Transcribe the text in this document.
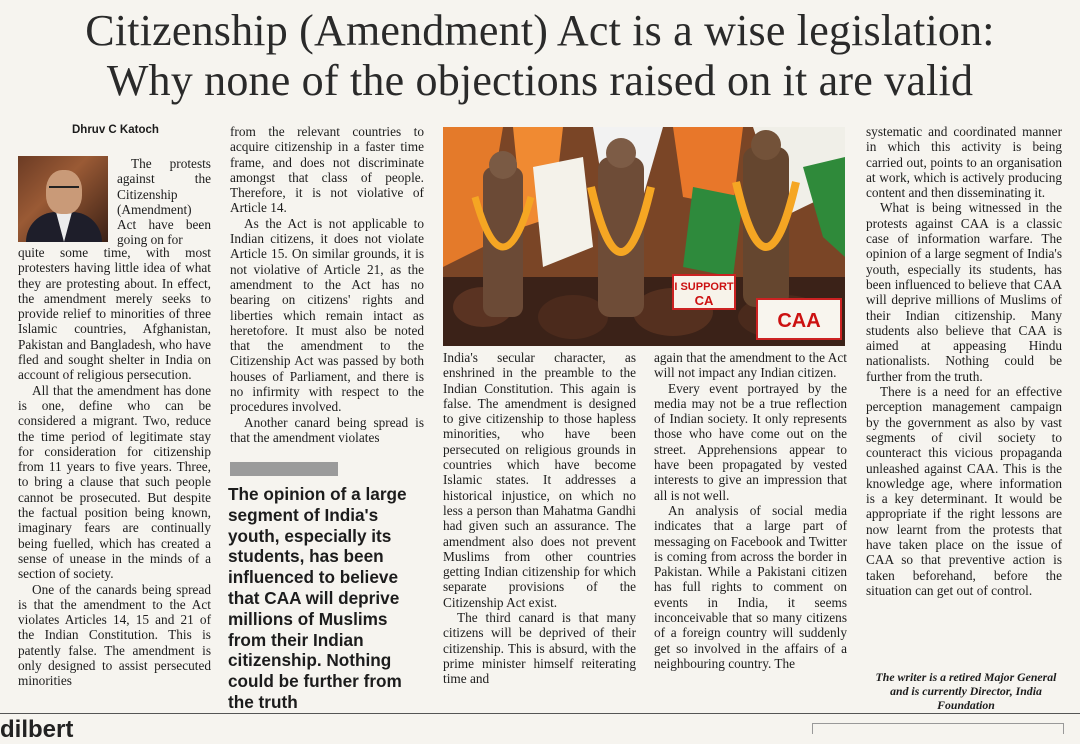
Citizenship (Amendment) Act is a wise legislation:
Why none of the objections raised on it are valid
Dhruv C Katoch

The protests against the Citizenship (Amendment) Act have been going on for

quite some time, with most protesters having little idea of what they are protesting about. In effect, the amendment merely seeks to provide relief to minorities of three Islamic countries, Afghanistan, Pakistan and Bangladesh, who have fled and sought shelter in India on account of religious persecution.

All that the amendment has done is one, define who can be considered a migrant. Two, reduce the time period of legitimate stay for consideration for citizenship from 11 years to five years. Three, to bring a clause that such people cannot be prosecuted. But despite the factual position being known, imaginary fears are continually being fuelled, which has created a sense of unease in the minds of a section of society.

One of the canards being spread is that the amendment to the Act violates Articles 14, 15 and 21 of the Indian Constitution. This is patently false. The amendment is only designed to assist persecuted minorities

from the relevant countries to acquire citizenship in a faster time frame, and does not discriminate amongst that class of people. Therefore, it is not violative of Article 14.

As the Act is not applicable to Indian citizens, it does not violate Article 15. On similar grounds, it is not violative of Article 21, as the amendment to the Act has no bearing on citizens' rights and liberties which remain intact as heretofore. It must also be noted that the amendment to the Citizenship Act was passed by both houses of Parliament, and there is no infirmity with respect to the procedures involved.

Another canard being spread is that the amendment violates

The opinion of a large segment of India's youth, especially its students, has been influenced to believe that CAA will deprive millions of Muslims from their Indian citizenship. Nothing could be further from the truth
I SUPPORT
CA
CAA

India's secular character, as enshrined in the preamble to the Indian Constitution. This again is false. The amendment is designed to give citizenship to those hapless minorities, who have been persecuted on religious grounds in countries which have become Islamic states. It addresses a historical injustice, on which no less a person than Mahatma Gandhi had given such an assurance. The amendment also does not prevent Muslims from other countries getting Indian citizenship for which separate provisions of the Citizenship Act exist.

The third canard is that many citizens will be deprived of their citizenship. This is absurd, with the prime minister himself reiterating time and

again that the amendment to the Act will not impact any Indian citizen.

Every event portrayed by the media may not be a true reflection of Indian society. It only represents those who have come out on the street. Apprehensions appear to have been propagated by vested interests to give an impression that all is not well.

An analysis of social media indicates that a large part of messaging on Facebook and Twitter is coming from across the border in Pakistan. While a Pakistani citizen has full rights to comment on events in India, it seems inconceivable that so many citizens of a foreign country will suddenly get so involved in the affairs of a neighbouring country. The

systematic and coordinated manner in which this activity is being carried out, points to an organisation at work, which is actively producing content and then disseminating it.

What is being witnessed in the protests against CAA is a classic case of information warfare. The opinion of a large segment of India's youth, especially its students, has been influenced to believe that CAA will deprive millions of Muslims of their Indian citizenship. Many students also believe that CAA is aimed at appeasing Hindu nationalists. Nothing could be further from the truth.

There is a need for an effective perception management campaign by the government as also by vast segments of civil society to counteract this vicious propaganda unleashed against CAA. This is the knowledge age, where information is a key determinant. It would be appropriate if the right lessons are now learnt from the protests that have taken place on the issue of CAA so that preventive action is taken beforehand, before the situation can get out of control.

The writer is a retired Major General and is currently Director, India Foundation
dilbert
